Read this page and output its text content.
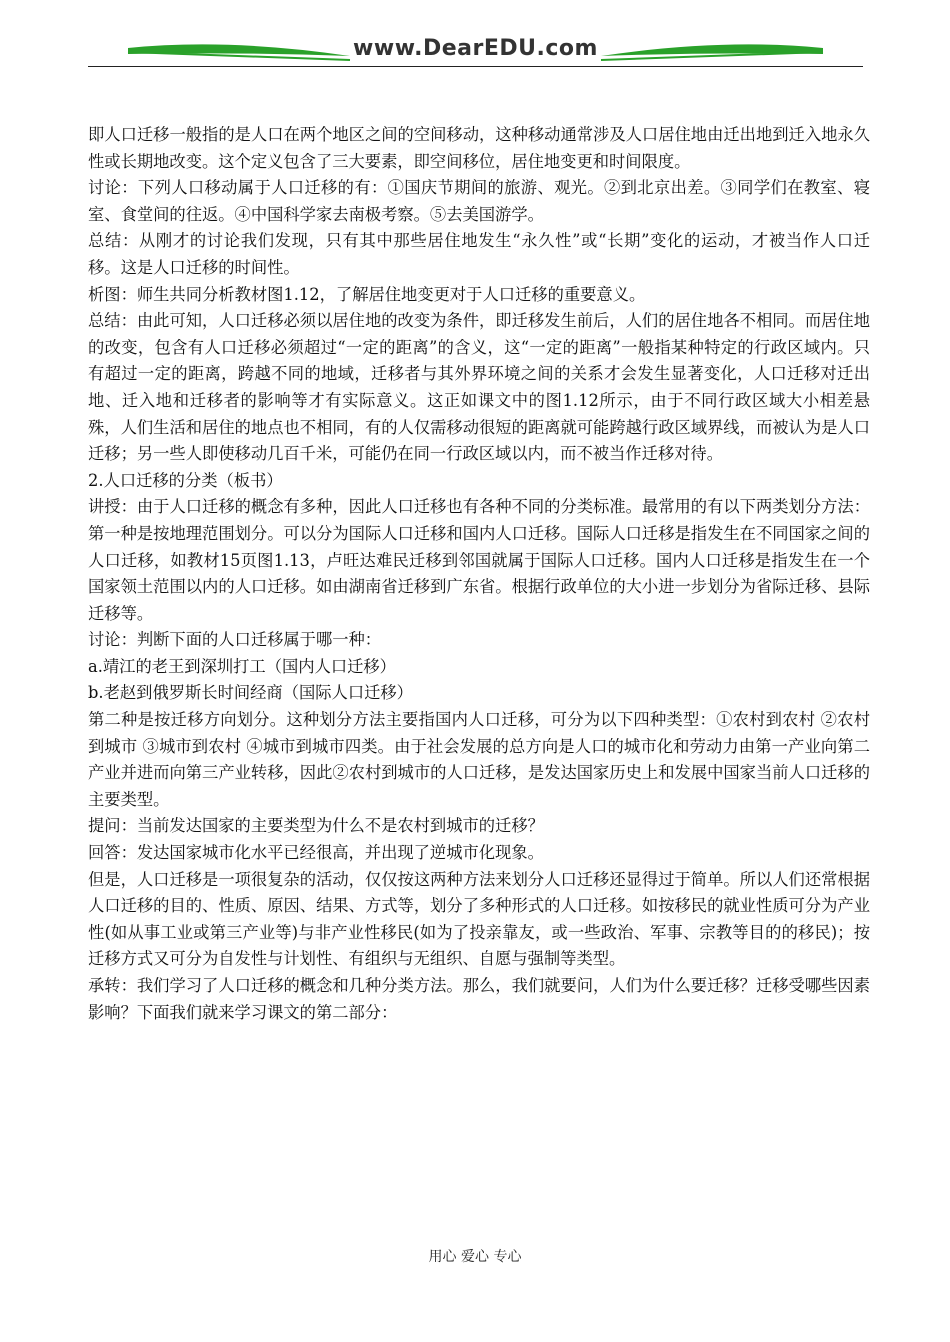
www.DearEDU.com

即人口迁移一般指的是人口在两个地区之间的空间移动，这种移动通常涉及人口居住地由迁出地到迁入地永久性或长期地改变。这个定义包含了三大要素，即空间移位，居住地变更和时间限度。

讨论：下列人口移动属于人口迁移的有：①国庆节期间的旅游、观光。②到北京出差。③同学们在教室、寝室、食堂间的往返。④中国科学家去南极考察。⑤去美国游学。

总结：从刚才的讨论我们发现，只有其中那些居住地发生“永久性”或“长期”变化的运动，才被当作人口迁移。这是人口迁移的时间性。

析图：师生共同分析教材图1.12，了解居住地变更对于人口迁移的重要意义。

总结：由此可知，人口迁移必须以居住地的改变为条件，即迁移发生前后，人们的居住地各不相同。而居住地的改变，包含有人口迁移必须超过“一定的距离”的含义，这“一定的距离”一般指某种特定的行政区域内。只有超过一定的距离，跨越不同的地域，迁移者与其外界环境之间的关系才会发生显著变化，人口迁移对迁出地、迁入地和迁移者的影响等才有实际意义。这正如课文中的图1.12所示，由于不同行政区域大小相差悬殊，人们生活和居住的地点也不相同，有的人仅需移动很短的距离就可能跨越行政区域界线，而被认为是人口迁移；另一些人即使移动几百千米，可能仍在同一行政区域以内，而不被当作迁移对待。

2.人口迁移的分类（板书）

讲授：由于人口迁移的概念有多种，因此人口迁移也有各种不同的分类标准。最常用的有以下两类划分方法：第一种是按地理范围划分。可以分为国际人口迁移和国内人口迁移。国际人口迁移是指发生在不同国家之间的人口迁移，如教材15页图1.13，卢旺达难民迁移到邻国就属于国际人口迁移。国内人口迁移是指发生在一个国家领土范围以内的人口迁移。如由湖南省迁移到广东省。根据行政单位的大小进一步划分为省际迁移、县际迁移等。

讨论：判断下面的人口迁移属于哪一种：

a.靖江的老王到深圳打工（国内人口迁移）

b.老赵到俄罗斯长时间经商（国际人口迁移）

第二种是按迁移方向划分。这种划分方法主要指国内人口迁移，可分为以下四种类型：①农村到农村 ②农村到城市 ③城市到农村 ④城市到城市四类。由于社会发展的总方向是人口的城市化和劳动力由第一产业向第二产业并进而向第三产业转移，因此②农村到城市的人口迁移，是发达国家历史上和发展中国家当前人口迁移的主要类型。

提问：当前发达国家的主要类型为什么不是农村到城市的迁移？

回答：发达国家城市化水平已经很高，并出现了逆城市化现象。

但是，人口迁移是一项很复杂的活动，仅仅按这两种方法来划分人口迁移还显得过于简单。所以人们还常根据人口迁移的目的、性质、原因、结果、方式等，划分了多种形式的人口迁移。如按移民的就业性质可分为产业性(如从事工业或第三产业等)与非产业性移民(如为了投亲靠友，或一些政治、军事、宗教等目的的移民)；按迁移方式又可分为自发性与计划性、有组织与无组织、自愿与强制等类型。

承转：我们学习了人口迁移的概念和几种分类方法。那么，我们就要问，人们为什么要迁移？迁移受哪些因素影响？下面我们就来学习课文的第二部分：

用心 爱心 专心
